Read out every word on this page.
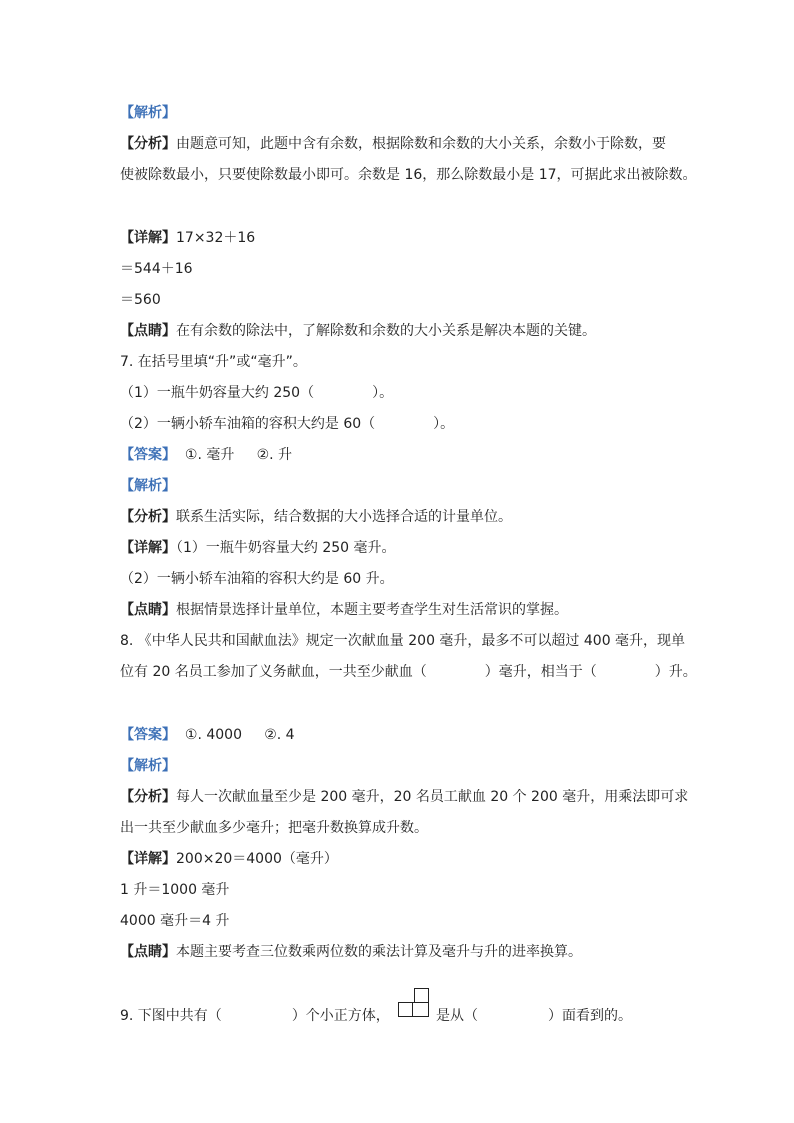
【解析】
【分析】由题意可知，此题中含有余数，根据除数和余数的大小关系，余数小于除数，要
使被除数最小，只要使除数最小即可。余数是 16，那么除数最小是 17，可据此求出被除数。
【详解】17×32＋16
＝544＋16
＝560
【点睛】在有余数的除法中，了解除数和余数的大小关系是解决本题的关键。
7. 在括号里填“升”或“毫升”。
（1）一瓶牛奶容量大约 250（	）。
（2）一辆小轿车油箱的容积大约是 60（	）。
【答案】  ①. 毫升     ②. 升
【解析】
【分析】联系生活实际，结合数据的大小选择合适的计量单位。
【详解】（1）一瓶牛奶容量大约 250 毫升。
（2）一辆小轿车油箱的容积大约是 60 升。
【点睛】根据情景选择计量单位，本题主要考查学生对生活常识的掌握。
8. 《中华人民共和国献血法》规定一次献血量 200 毫升，最多不可以超过 400 毫升，现单
位有 20 名员工参加了义务献血，一共至少献血（	）毫升，相当于（	）升。
【答案】  ①. 4000     ②. 4
【解析】
【分析】每人一次献血量至少是 200 毫升，20 名员工献血 20 个 200 毫升，用乘法即可求
出一共至少献血多少毫升；把毫升数换算成升数。
【详解】200×20＝4000（毫升）
1 升＝1000 毫升
4000 毫升＝4 升
【点睛】本题主要考查三位数乘两位数的乘法计算及毫升与升的进率换算。
9. 下图中共有（	）个小正方体，	是从（	）面看到的。
